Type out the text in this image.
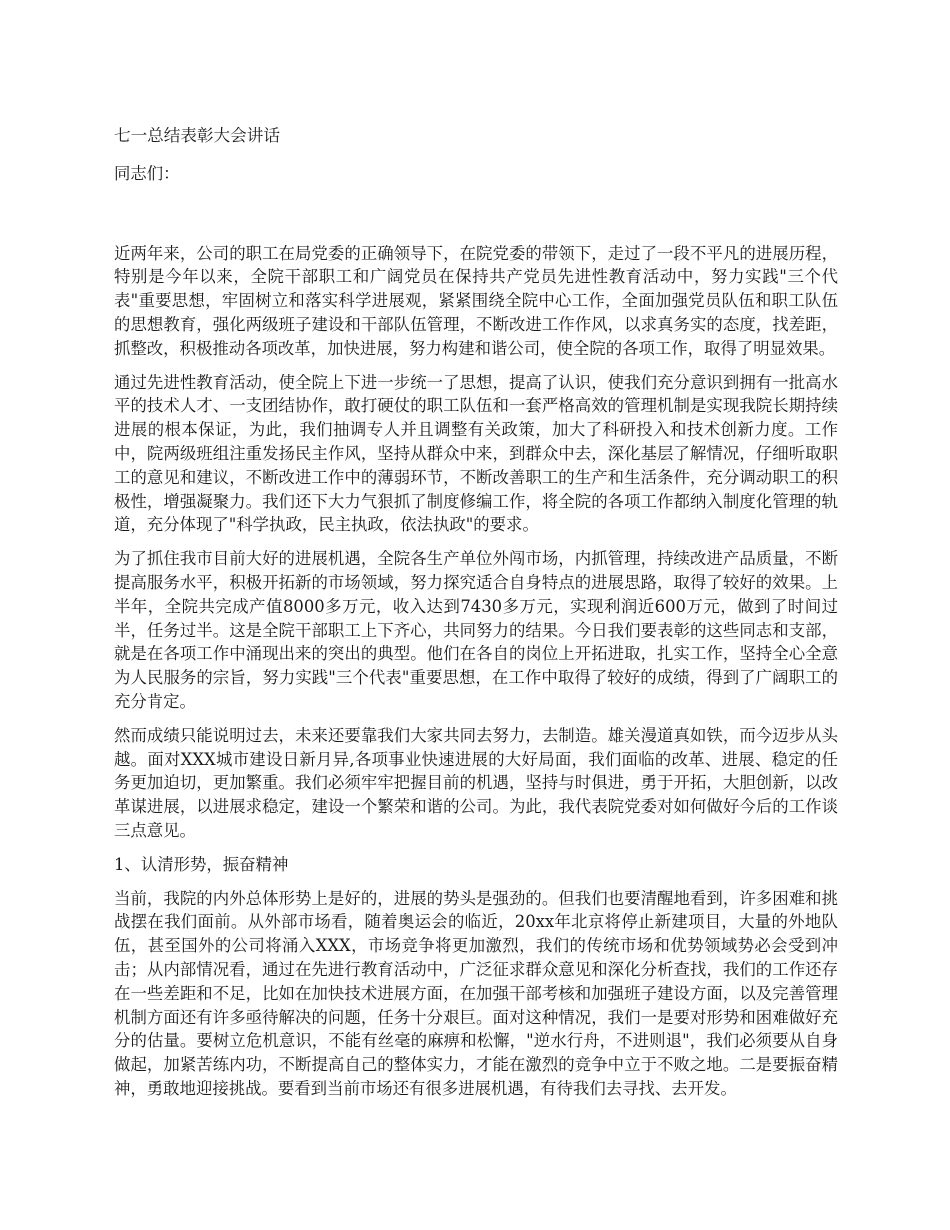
七一总结表彰大会讲话

同志们：

近两年来，公司的职工在局党委的正确领导下，在院党委的带领下，走过了一段不平凡的进展历程，特别是今年以来，全院干部职工和广阔党员在保持共产党员先进性教育活动中，努力实践"三个代表"重要思想，牢固树立和落实科学进展观，紧紧围绕全院中心工作，全面加强党员队伍和职工队伍的思想教育，强化两级班子建设和干部队伍管理，不断改进工作作风，以求真务实的态度，找差距，抓整改，积极推动各项改革，加快进展，努力构建和谐公司，使全院的各项工作，取得了明显效果。

通过先进性教育活动，使全院上下进一步统一了思想，提高了认识，使我们充分意识到拥有一批高水平的技术人才、一支团结协作，敢打硬仗的职工队伍和一套严格高效的管理机制是实现我院长期持续进展的根本保证，为此，我们抽调专人并且调整有关政策，加大了科研投入和技术创新力度。工作中，院两级班组注重发扬民主作风，坚持从群众中来，到群众中去，深化基层了解情况，仔细听取职工的意见和建议，不断改进工作中的薄弱环节，不断改善职工的生产和生活条件，充分调动职工的积极性，增强凝聚力。我们还下大力气狠抓了制度修编工作，将全院的各项工作都纳入制度化管理的轨道，充分体现了"科学执政，民主执政，依法执政"的要求。

为了抓住我市目前大好的进展机遇，全院各生产单位外闯市场，内抓管理，持续改进产品质量，不断提高服务水平，积极开拓新的市场领域，努力探究适合自身特点的进展思路，取得了较好的效果。上半年，全院共完成产值8000多万元，收入达到7430多万元，实现利润近600万元，做到了时间过半，任务过半。这是全院干部职工上下齐心，共同努力的结果。今日我们要表彰的这些同志和支部，就是在各项工作中涌现出来的突出的典型。他们在各自的岗位上开拓进取，扎实工作，坚持全心全意为人民服务的宗旨，努力实践"三个代表"重要思想，在工作中取得了较好的成绩，得到了广阔职工的充分肯定。

然而成绩只能说明过去，未来还要靠我们大家共同去努力，去制造。雄关漫道真如铁，而今迈步从头越。面对XXX城市建设日新月异,各项事业快速进展的大好局面，我们面临的改革、进展、稳定的任务更加迫切，更加繁重。我们必须牢牢把握目前的机遇，坚持与时俱进，勇于开拓，大胆创新，以改革谋进展，以进展求稳定，建设一个繁荣和谐的公司。为此，我代表院党委对如何做好今后的工作谈三点意见。

1、认清形势，振奋精神

当前，我院的内外总体形势上是好的，进展的势头是强劲的。但我们也要清醒地看到，许多困难和挑战摆在我们面前。从外部市场看，随着奥运会的临近，20xx年北京将停止新建项目，大量的外地队伍，甚至国外的公司将涌入XXX，市场竞争将更加激烈，我们的传统市场和优势领域势必会受到冲击；从内部情况看，通过在先进行教育活动中，广泛征求群众意见和深化分析查找，我们的工作还存在一些差距和不足，比如在加快技术进展方面，在加强干部考核和加强班子建设方面，以及完善管理机制方面还有许多亟待解决的问题，任务十分艰巨。面对这种情况，我们一是要对形势和困难做好充分的估量。要树立危机意识，不能有丝毫的麻痹和松懈，"逆水行舟，不进则退"，我们必须要从自身做起，加紧苦练内功，不断提高自己的整体实力，才能在激烈的竞争中立于不败之地。二是要振奋精神，勇敢地迎接挑战。要看到当前市场还有很多进展机遇，有待我们去寻找、去开发。
